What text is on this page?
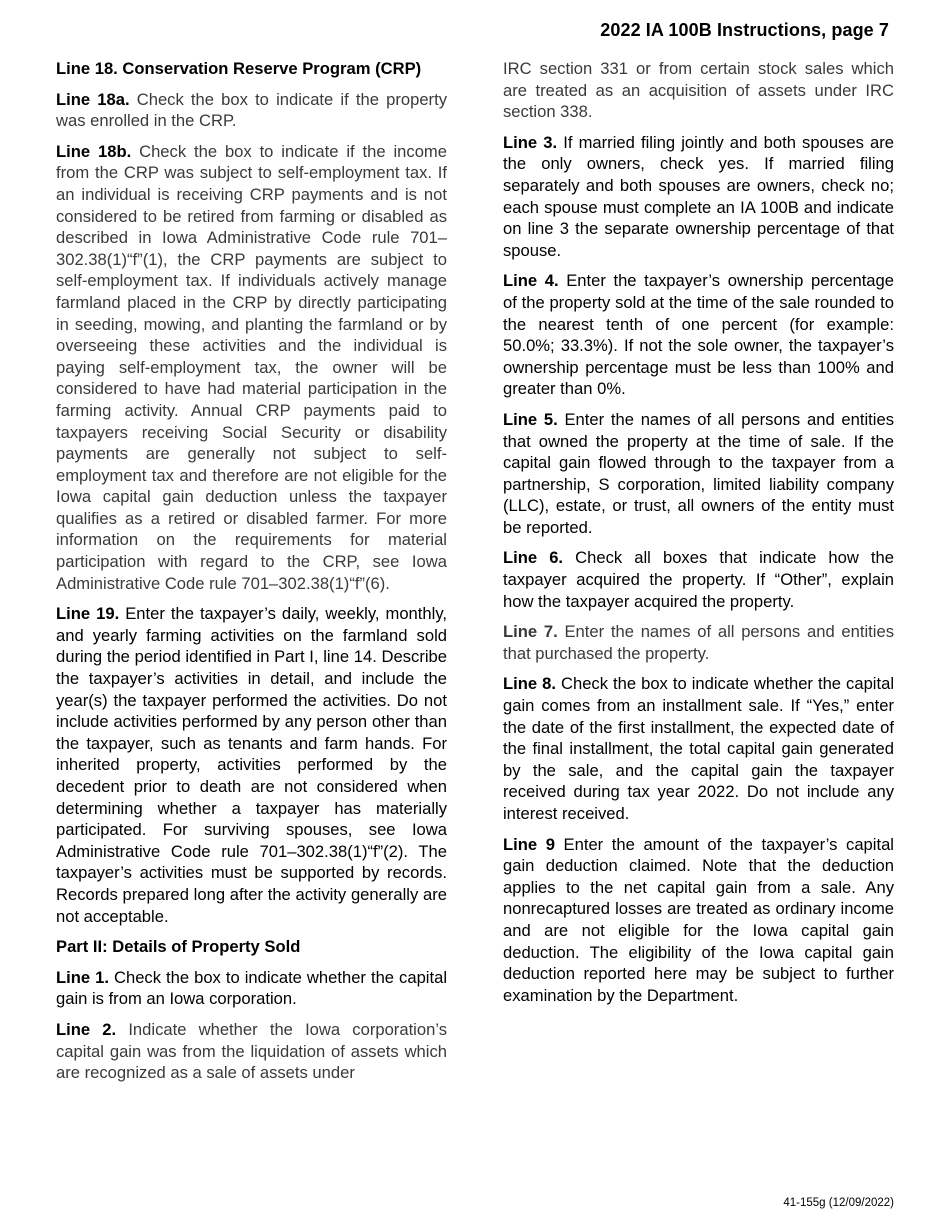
2022 IA 100B Instructions, page 7
Line 18. Conservation Reserve Program (CRP)

Line 18a. Check the box to indicate if the property was enrolled in the CRP.

Line 18b. Check the box to indicate if the income from the CRP was subject to self-employment tax. If an individual is receiving CRP payments and is not considered to be retired from farming or disabled as described in Iowa Administrative Code rule 701–302.38(1)“f”(1), the CRP payments are subject to self-employment tax. If individuals actively manage farmland placed in the CRP by directly participating in seeding, mowing, and planting the farmland or by overseeing these activities and the individual is paying self-employment tax, the owner will be considered to have had material participation in the farming activity. Annual CRP payments paid to taxpayers receiving Social Security or disability payments are generally not subject to self-employment tax and therefore are not eligible for the Iowa capital gain deduction unless the taxpayer qualifies as a retired or disabled farmer. For more information on the requirements for material participation with regard to the CRP, see Iowa Administrative Code rule 701–302.38(1)“f”(6).

Line 19. Enter the taxpayer’s daily, weekly, monthly, and yearly farming activities on the farmland sold during the period identified in Part I, line 14. Describe the taxpayer’s activities in detail, and include the year(s) the taxpayer performed the activities. Do not include activities performed by any person other than the taxpayer, such as tenants and farm hands. For inherited property, activities performed by the decedent prior to death are not considered when determining whether a taxpayer has materially participated. For surviving spouses, see Iowa Administrative Code rule 701–302.38(1)“f”(2). The taxpayer’s activities must be supported by records. Records prepared long after the activity generally are not acceptable.

Part II: Details of Property Sold

Line 1. Check the box to indicate whether the capital gain is from an Iowa corporation.

Line 2. Indicate whether the Iowa corporation’s capital gain was from the liquidation of assets which are recognized as a sale of assets under

IRC section 331 or from certain stock sales which are treated as an acquisition of assets under IRC section 338.

Line 3. If married filing jointly and both spouses are the only owners, check yes. If married filing separately and both spouses are owners, check no; each spouse must complete an IA 100B and indicate on line 3 the separate ownership percentage of that spouse.

Line 4. Enter the taxpayer’s ownership percentage of the property sold at the time of the sale rounded to the nearest tenth of one percent (for example: 50.0%; 33.3%). If not the sole owner, the taxpayer’s ownership percentage must be less than 100% and greater than 0%.

Line 5. Enter the names of all persons and entities that owned the property at the time of sale. If the capital gain flowed through to the taxpayer from a partnership, S corporation, limited liability company (LLC), estate, or trust, all owners of the entity must be reported.

Line 6. Check all boxes that indicate how the taxpayer acquired the property. If “Other”, explain how the taxpayer acquired the property.

Line 7. Enter the names of all persons and entities that purchased the property.

Line 8. Check the box to indicate whether the capital gain comes from an installment sale. If “Yes,” enter the date of the first installment, the expected date of the final installment, the total capital gain generated by the sale, and the capital gain the taxpayer received during tax year 2022. Do not include any interest received.

Line 9 Enter the amount of the taxpayer’s capital gain deduction claimed. Note that the deduction applies to the net capital gain from a sale. Any nonrecaptured losses are treated as ordinary income and are not eligible for the Iowa capital gain deduction. The eligibility of the Iowa capital gain deduction reported here may be subject to further examination by the Department.

41-155g (12/09/2022)
